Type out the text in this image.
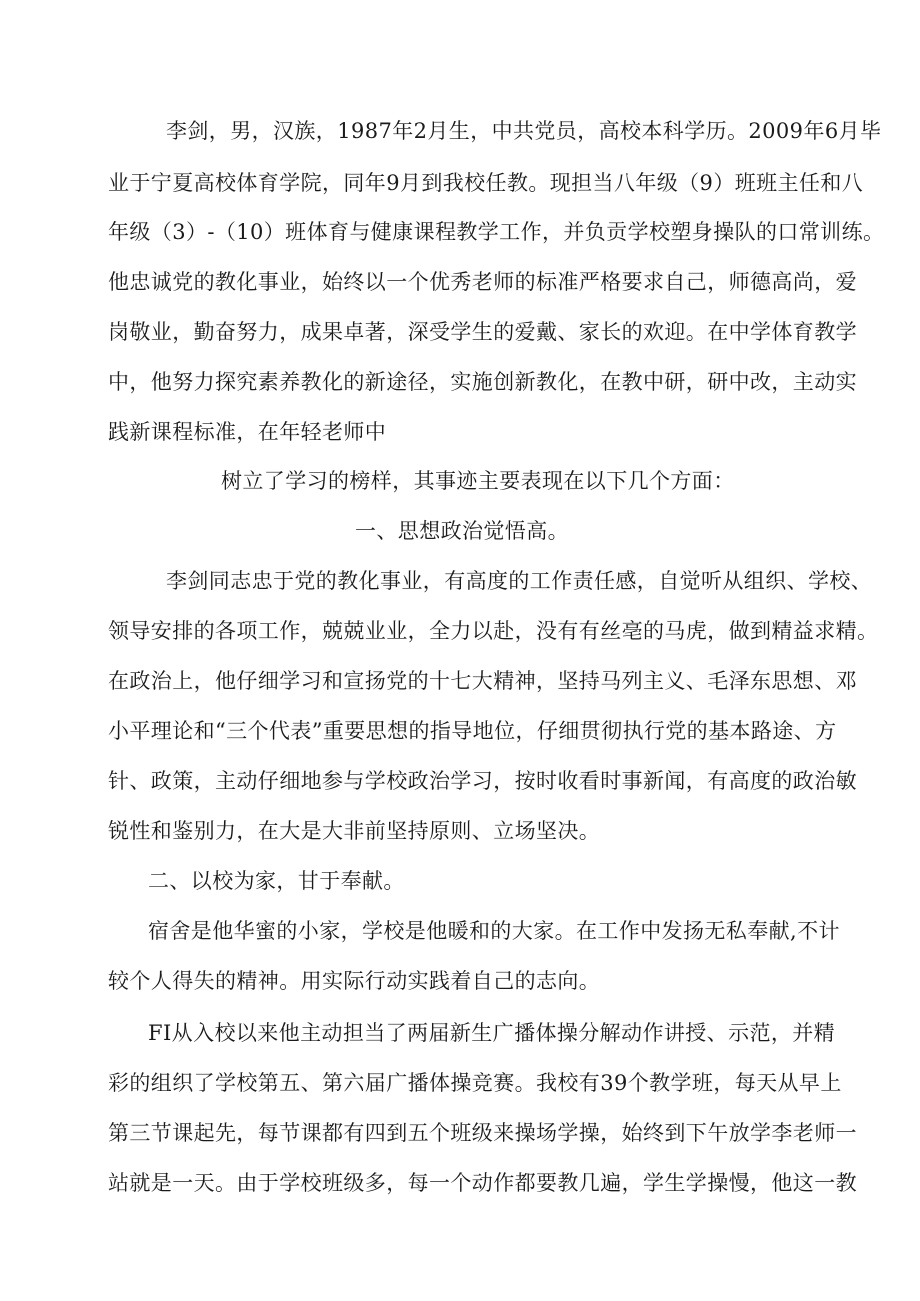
李剑，男，汉族，1987年2月生，中共党员，高校本科学历。2009年6月毕
业于宁夏高校体育学院，同年9月到我校任教。现担当八年级（9）班班主任和八
年级（3）-（10）班体育与健康课程教学工作，并负贡学校塑身操队的口常训练。
他忠诚党的教化事业，始终以一个优秀老师的标准严格要求自己，师德高尚，爱
岗敬业，勤奋努力，成果卓著，深受学生的爱戴、家长的欢迎。在中学体育教学
中，他努力探究素养教化的新途径，实施创新教化，在教中研，研中改，主动实
践新课程标准，在年轻老师中
树立了学习的榜样，其事迹主要表现在以下几个方面：
一、思想政治觉悟高。
李剑同志忠于党的教化事业，有高度的工作责任感，自觉听从组织、学校、
领导安排的各项工作，兢兢业业，全力以赴，没有有丝亳的马虎，做到精益求精。
在政治上，他仔细学习和宣扬党的十七大精神，坚持马列主义、毛泽东思想、邓
小平理论和“三个代表”重要思想的指导地位，仔细贯彻执行党的基本路途、方
针、政策，主动仔细地参与学校政治学习，按时收看时事新闻，有高度的政治敏
锐性和鉴别力，在大是大非前坚持原则、立场坚决。
二、以校为家，甘于奉献。
宿舍是他华蜜的小家，学校是他暖和的大家。在工作中发扬无私奉献,不计
较个人得失的精神。用实际行动实践着自己的志向。
FI从入校以来他主动担当了两届新生广播体操分解动作讲授、示范，并精
彩的组织了学校第五、第六届广播体操竞赛。我校有39个教学班，每天从早上
第三节课起先，每节课都有四到五个班级来操场学操，始终到下午放学李老师一
站就是一天。由于学校班级多，每一个动作都要教几遍，学生学操慢，他这一教
